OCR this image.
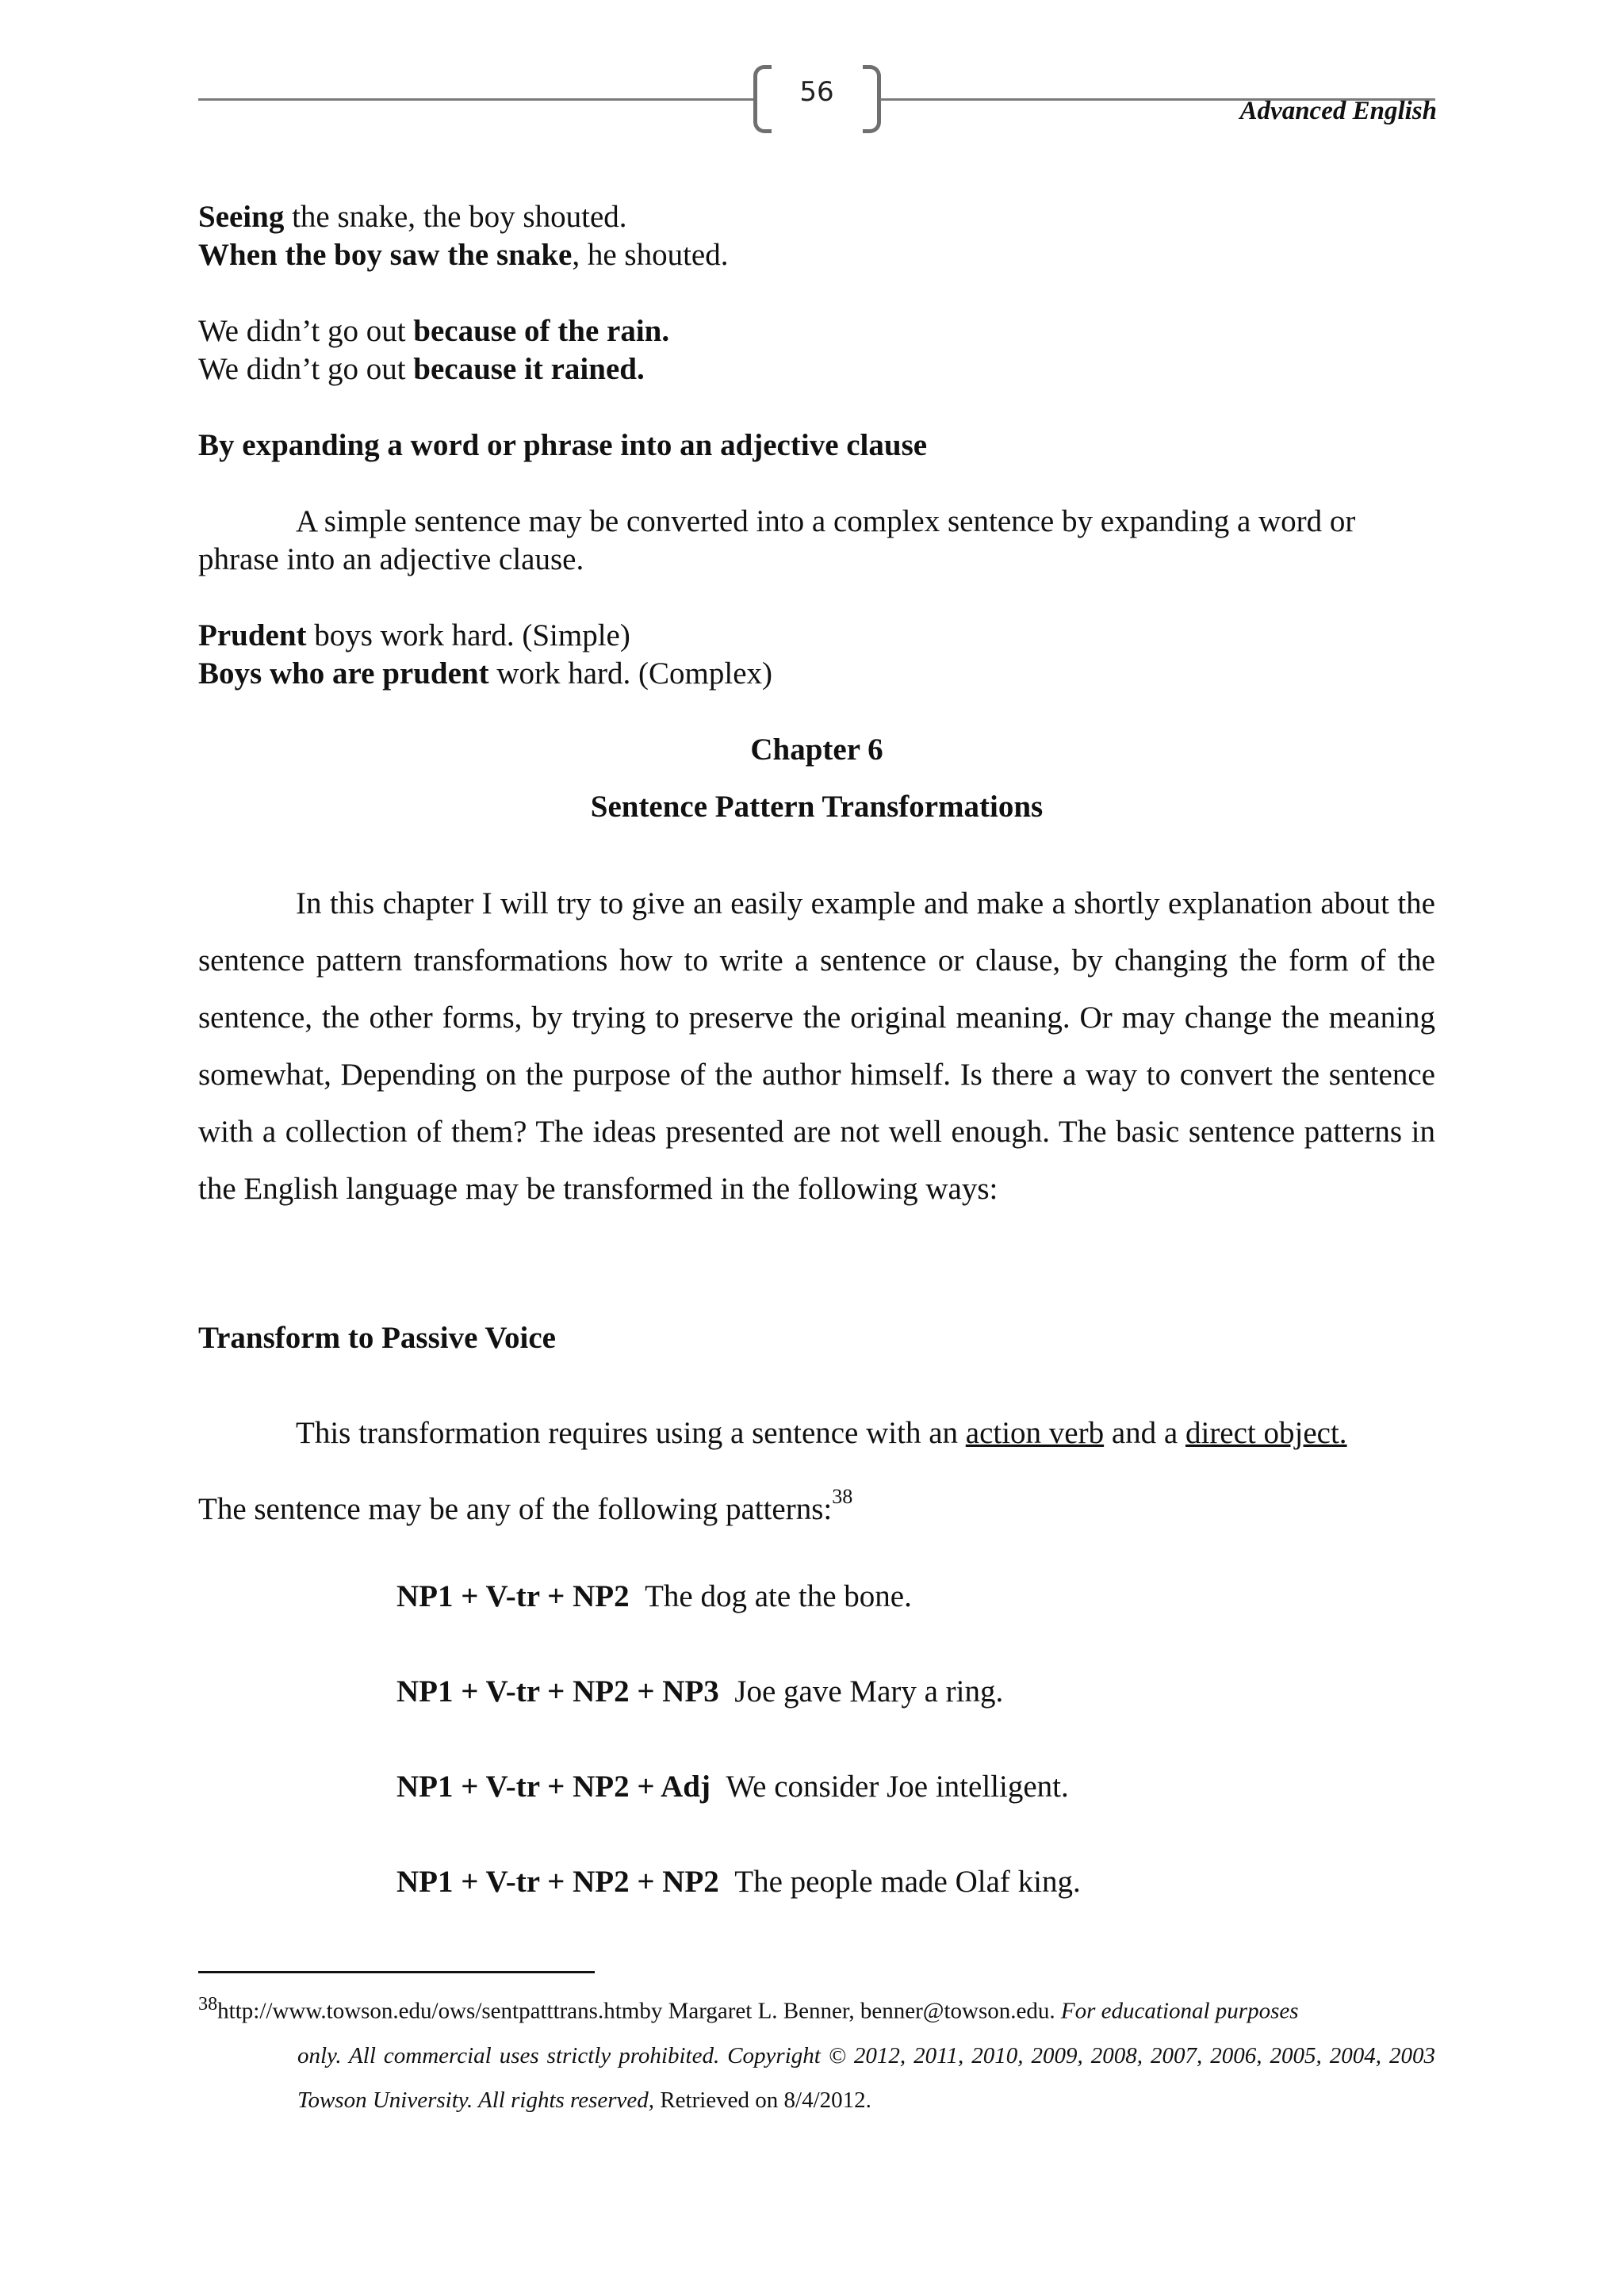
56
Advanced English
Seeing the snake, the boy shouted.
When the boy saw the snake, he shouted.
We didn’t go out because of the rain.
We didn’t go out because it rained.
By expanding a word or phrase into an adjective clause
A simple sentence may be converted into a complex sentence by expanding a word or
phrase into an adjective clause.
Prudent boys work hard. (Simple)
Boys who are prudent work hard. (Complex)
Chapter 6
Sentence Pattern Transformations
In this chapter I will try to give an easily example and make a shortly explanation about the sentence pattern transformations how to write a sentence or clause, by changing the form of the sentence, the other forms, by trying to preserve the original meaning. Or may change the meaning somewhat, Depending on the purpose of the author himself. Is there a way to convert the sentence with a collection of them? The ideas presented are not well enough. The basic sentence patterns in the English language may be transformed in the following ways:
Transform to Passive Voice
This transformation requires using a sentence with an action verb and a direct object.
The sentence may be any of the following patterns:$^{38}$
NP1 + V-tr + NP2 The dog ate the bone.
NP1 + V-tr + NP2 + NP3 Joe gave Mary a ring.
NP1 + V-tr + NP2 + Adj We consider Joe intelligent.
NP1 + V-tr + NP2 + NP2 The people made Olaf king.
$^{38}$http://www.towson.edu/ows/sentpatttrans.htmby Margaret L. Benner, benner@towson.edu. For educational purposes
only. All commercial uses strictly prohibited. Copyright © 2012, 2011, 2010, 2009, 2008, 2007, 2006, 2005, 2004, 2003 Towson University. All rights reserved, Retrieved on 8/4/2012.
